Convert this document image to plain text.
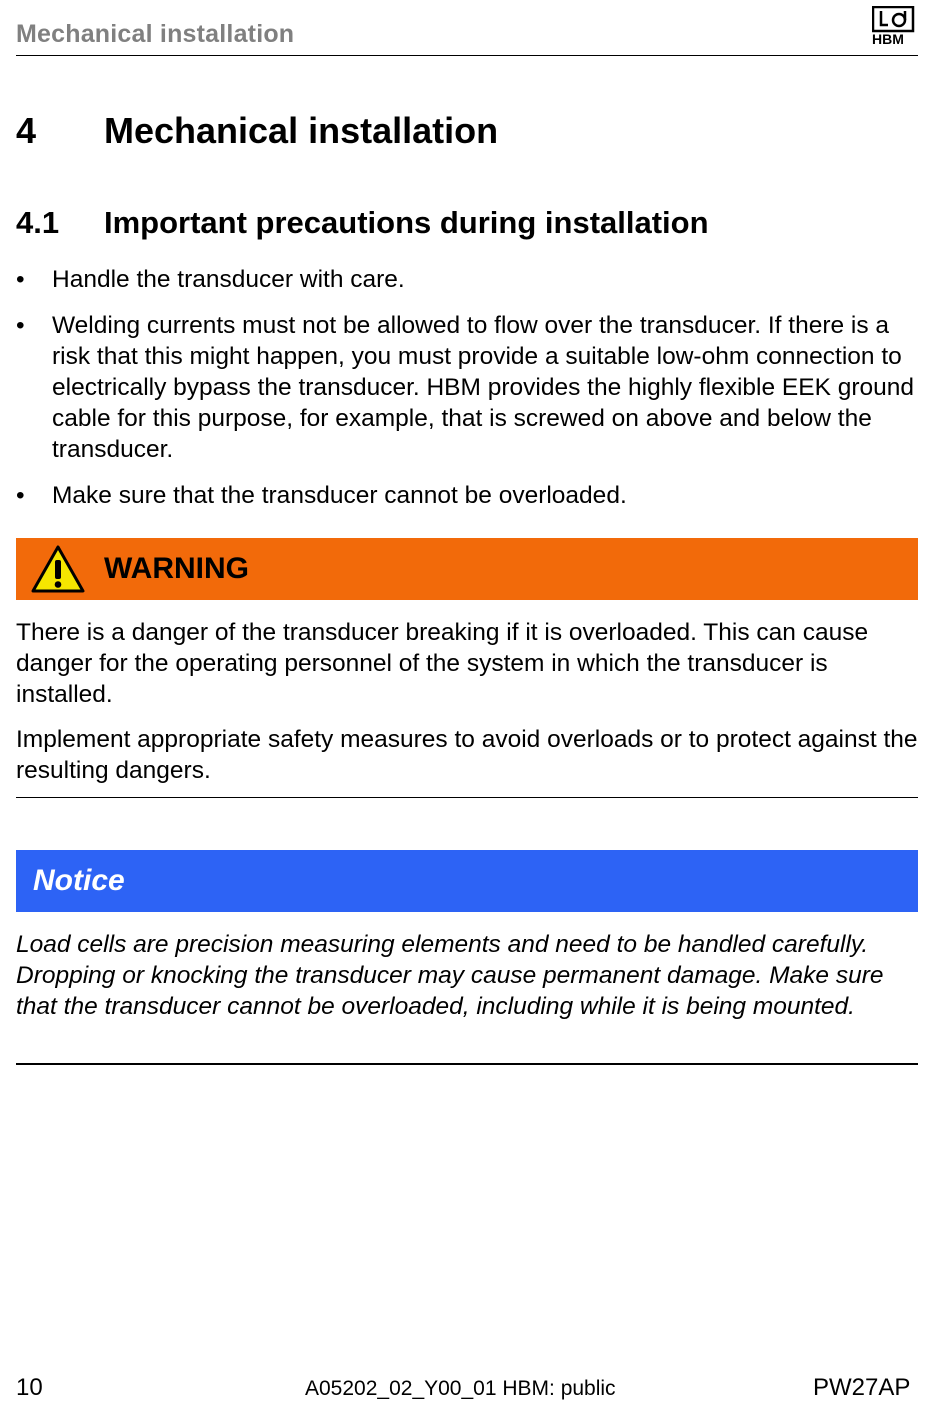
Mechanical installation	HBM
4 Mechanical installation
4.1 Important precautions during installation
• Handle the transducer with care.
• Welding currents must not be allowed to flow over the transducer. If there is a risk that this might happen, you must provide a suitable low-ohm connection to electrically bypass the transducer. HBM provides the highly flexible EEK ground cable for this purpose, for example, that is screwed on above and below the transducer.
• Make sure that the transducer cannot be overloaded.
WARNING

There is a danger of the transducer breaking if it is overloaded. This can cause danger for the operating personnel of the system in which the transducer is installed.

Implement appropriate safety measures to avoid overloads or to protect against the resulting dangers.

Notice

Load cells are precision measuring elements and need to be handled carefully. Dropping or knocking the transducer may cause permanent damage. Make sure that the transducer cannot be overloaded, including while it is being mounted.

10	A05202_02_Y00_01 HBM: public	PW27AP
